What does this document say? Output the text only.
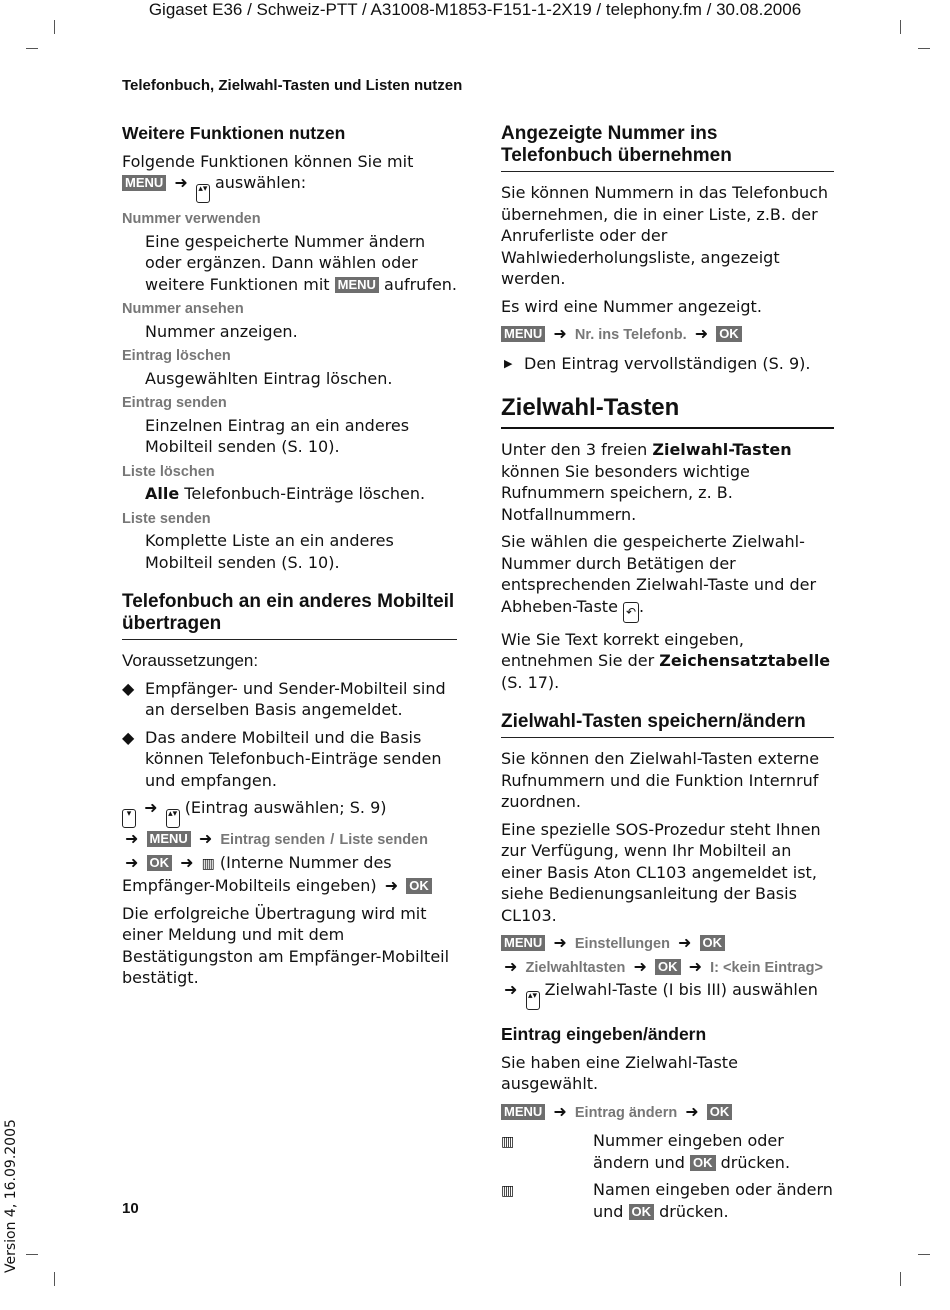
Gigaset E36 / Schweiz-PTT / A31008-M1853-F151-1-2X19 / telephony.fm / 30.08.2006
Version 4, 16.09.2005
Telefonbuch, Zielwahl-Tasten und Listen nutzen
10
Weitere Funktionen nutzen

Folgende Funktionen können Sie mit
MENU ➜ ▴▾ auswählen:

Nummer verwenden
Eine gespeicherte Nummer ändern oder ergänzen. Dann wählen oder weitere Funktionen mit MENU aufrufen.
Nummer ansehen
Nummer anzeigen.
Eintrag löschen
Ausgewählten Eintrag löschen.
Eintrag senden
Einzelnen Eintrag an ein anderes Mobilteil senden (S. 10).
Liste löschen
Alle Telefonbuch-Einträge löschen.
Liste senden
Komplette Liste an ein anderes Mobilteil senden (S. 10).
Telefonbuch an ein anderes Mobilteil übertragen
Voraussetzungen:
◆ Empfänger- und Sender-Mobilteil sind an derselben Basis angemeldet.
◆ Das andere Mobilteil und die Basis können Telefonbuch-Einträge senden und empfangen.

▾ ➜ ▴▾ (Eintrag auswählen; S. 9)
➜ MENU ➜ Eintrag senden / Liste senden
➜ OK ➜ ▥ (Interne Nummer des Empfänger-Mobilteils eingeben) ➜ OK

Die erfolgreiche Übertragung wird mit einer Meldung und mit dem Bestätigungston am Empfänger-Mobilteil bestätigt.

Angezeigte Nummer ins Telefonbuch übernehmen

Sie können Nummern in das Telefonbuch übernehmen, die in einer Liste, z.B. der Anruferliste oder der Wahlwiederholungsliste, angezeigt werden.

Es wird eine Nummer angezeigt.

MENU ➜ Nr. ins Telefonb. ➜ OK

▶ Den Eintrag vervollständigen (S. 9).
Zielwahl-Tasten

Unter den 3 freien Zielwahl-Tasten können Sie besonders wichtige Rufnummern speichern, z. B. Notfallnummern.

Sie wählen die gespeicherte Zielwahl-Nummer durch Betätigen der entsprechenden Zielwahl-Taste und der Abheben-Taste ↶ .

Wie Sie Text korrekt eingeben, entnehmen Sie der Zeichensatztabelle (S. 17).

Zielwahl-Tasten speichern/ändern

Sie können den Zielwahl-Tasten externe Rufnummern und die Funktion Internruf zuordnen.

Eine spezielle SOS-Prozedur steht Ihnen zur Verfügung, wenn Ihr Mobilteil an einer Basis Aton CL103 angemeldet ist, siehe Bedienungsanleitung der Basis CL103.

MENU ➜ Einstellungen ➜ OK
➜ Zielwahltasten ➜ OK ➜ I: <kein Eintrag>
➜ ▴▾ Zielwahl-Taste (I bis III) auswählen

Eintrag eingeben/ändern

Sie haben eine Zielwahl-Taste ausgewählt.

MENU ➜ Eintrag ändern ➜ OK

▥	Nummer eingeben oder ändern und OK drücken.
▥	Namen eingeben oder ändern und OK drücken.
